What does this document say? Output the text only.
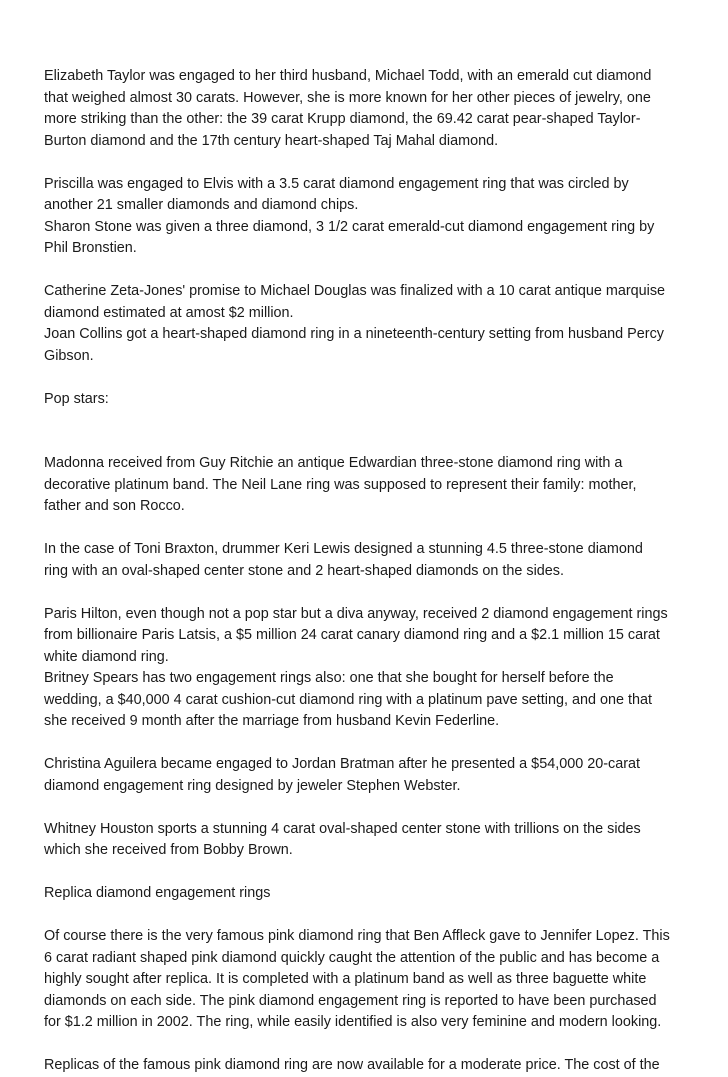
Elizabeth Taylor was engaged to her third husband, Michael Todd, with an emerald cut diamond
that weighed almost 30 carats. However, she is more known for her other pieces of jewelry, one
more striking than the other: the 39 carat Krupp diamond, the 69.42 carat pear-shaped Taylor-
Burton diamond and the 17th century heart-shaped Taj Mahal diamond.

Priscilla was engaged to Elvis with a 3.5 carat diamond engagement ring that was circled by
another 21 smaller diamonds and diamond chips.

Sharon Stone was given a three diamond, 3 1/2 carat emerald-cut diamond engagement ring by
Phil Bronstien.

Catherine Zeta-Jones' promise to Michael Douglas was finalized with a 10 carat antique marquise
diamond estimated at amost $2 million.

Joan Collins got a heart-shaped diamond ring in a nineteenth-century setting from husband Percy
Gibson.

Pop stars:

Madonna received from Guy Ritchie an antique Edwardian three-stone diamond ring with a
decorative platinum band. The Neil Lane ring was supposed to represent their family: mother,
father and son Rocco.

In the case of Toni Braxton, drummer Keri Lewis designed a stunning 4.5 three-stone diamond
ring with an oval-shaped center stone and 2 heart-shaped diamonds on the sides.

Paris Hilton, even though not a pop star but a diva anyway, received 2 diamond engagement rings
from billionaire Paris Latsis, a $5 million 24 carat canary diamond ring and a $2.1 million 15 carat
white diamond ring.

Britney Spears has two engagement rings also: one that she bought for herself before the
wedding, a $40,000 4 carat cushion-cut diamond ring with a platinum pave setting, and one that
she received 9 month after the marriage from husband Kevin Federline.

Christina Aguilera became engaged to Jordan Bratman after he presented a $54,000 20-carat
diamond engagement ring designed by jeweler Stephen Webster.

Whitney Houston sports a stunning 4 carat oval-shaped center stone with trillions on the sides
which she received from Bobby Brown.

Replica diamond engagement rings

Of course there is the very famous pink diamond ring that Ben Affleck gave to Jennifer Lopez. This
6 carat radiant shaped pink diamond quickly caught the attention of the public and has become a
highly sought after replica. It is completed with a platinum band as well as three baguette white
diamonds on each side. The pink diamond engagement ring is reported to have been purchased
for $1.2 million in 2002. The ring, while easily identified is also very feminine and modern looking.

Replicas of the famous pink diamond ring are now available for a moderate price. The cost of the
